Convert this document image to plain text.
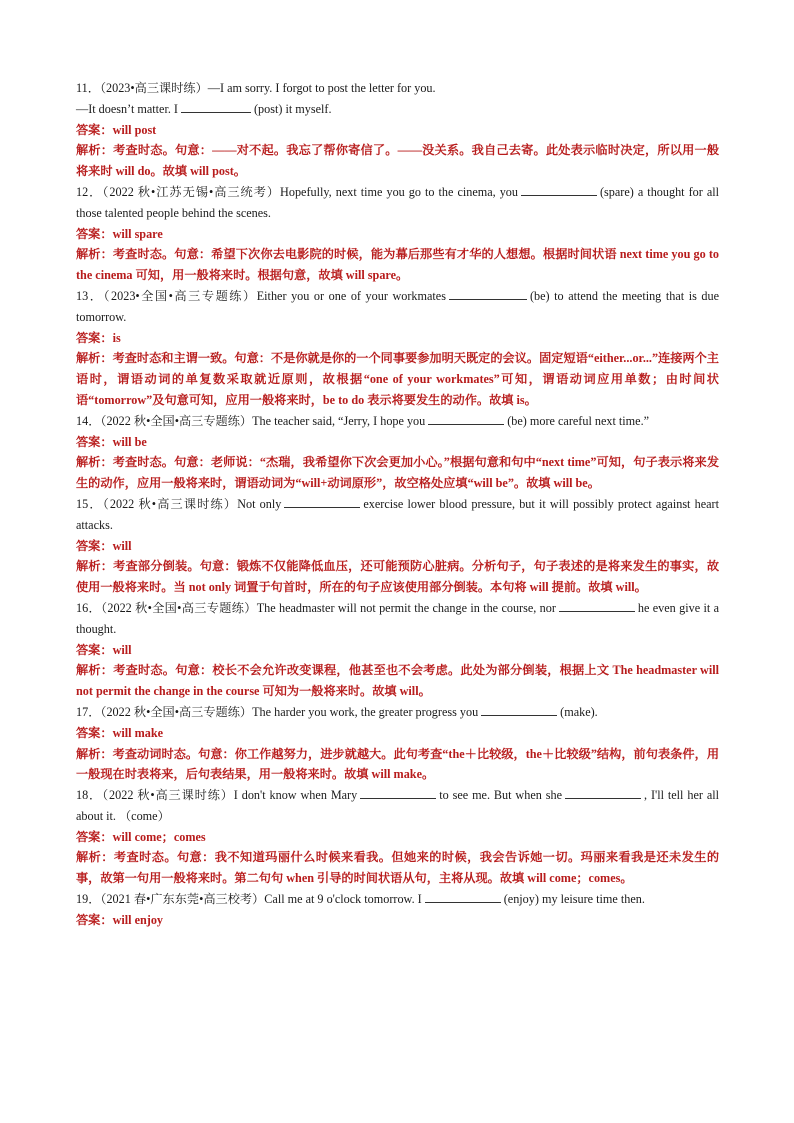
11．（2023•高三课时练）—I am sorry. I forgot to post the letter for you.

—It doesn’t matter. I	(post) it myself.

答案：will post

解析：考查时态。句意：——对不起。我忘了帮你寄信了。——没关系。我自己去寄。此处表示临时决定，所以用一般将来时 will do。故填 will post。

12．（2022 秋•江苏无锡•高三统考）Hopefully, next time you go to the cinema, you	(spare) a thought for all those talented people behind the scenes.

答案：will spare

解析：考查时态。句意：希望下次你去电影院的时候，能为幕后那些有才华的人想想。根据时间状语 next time you go to the cinema 可知，用一般将来时。根据句意，故填 will spare。

13．（2023•全国•高三专题练）Either you or one of your workmates	(be) to attend the meeting that is due tomorrow.

答案：is

解析：考查时态和主谓一致。句意：不是你就是你的一个同事要参加明天既定的会议。固定短语“either...or...”连接两个主语时，谓语动词的单复数采取就近原则，故根据“one of your workmates”可知，谓语动词应用单数；由时间状语“tomorrow”及句意可知，应用一般将来时，be to do 表示将要发生的动作。故填 is。

14．（2022 秋•全国•高三专题练）The teacher said, “Jerry, I hope you	(be) more careful next time.”

答案：will be

解析：考查时态。句意：老师说：“杰瑞，我希望你下次会更加小心。”根据句意和句中“next time”可知，句子表示将来发生的动作，应用一般将来时，谓语动词为“will+动词原形”，故空格处应填“will be”。故填 will be。

15．（2022 秋•高三课时练）Not only	exercise lower blood pressure, but it will possibly protect against heart attacks.

答案：will

解析：考查部分倒装。句意：锻炼不仅能降低血压，还可能预防心脏病。分析句子，句子表述的是将来发生的事实，故使用一般将来时。当 not only 词置于句首时，所在的句子应该使用部分倒装。本句将 will 提前。故填 will。

16．（2022 秋•全国•高三专题练）The headmaster will not permit the change in the course, nor	he even give it a thought.

答案：will

解析：考查时态。句意：校长不会允许改变课程，他甚至也不会考虑。此处为部分倒装，根据上文 The headmaster will not permit the change in the course 可知为一般将来时。故填 will。

17．（2022 秋•全国•高三专题练）The harder you work, the greater progress you	(make).

答案：will make

解析：考查动词时态。句意：你工作越努力，进步就越大。此句考查“the＋比较级，the＋比较级”结构，前句表条件，用一般现在时表将来，后句表结果，用一般将来时。故填 will make。

18．（2022 秋•高三课时练）I don't know when Mary	to see me. But when she	, I'll tell her all about it. （come）

答案：will come；comes

解析：考查时态。句意：我不知道玛丽什么时候来看我。但她来的时候，我会告诉她一切。玛丽来看我是还未发生的事，故第一句用一般将来时。第二句句 when 引导的时间状语从句，主将从现。故填 will come；comes。

19．（2021 春•广东东莞•高三校考）Call me at 9 o'clock tomorrow. I	(enjoy) my leisure time then.

答案：will enjoy
